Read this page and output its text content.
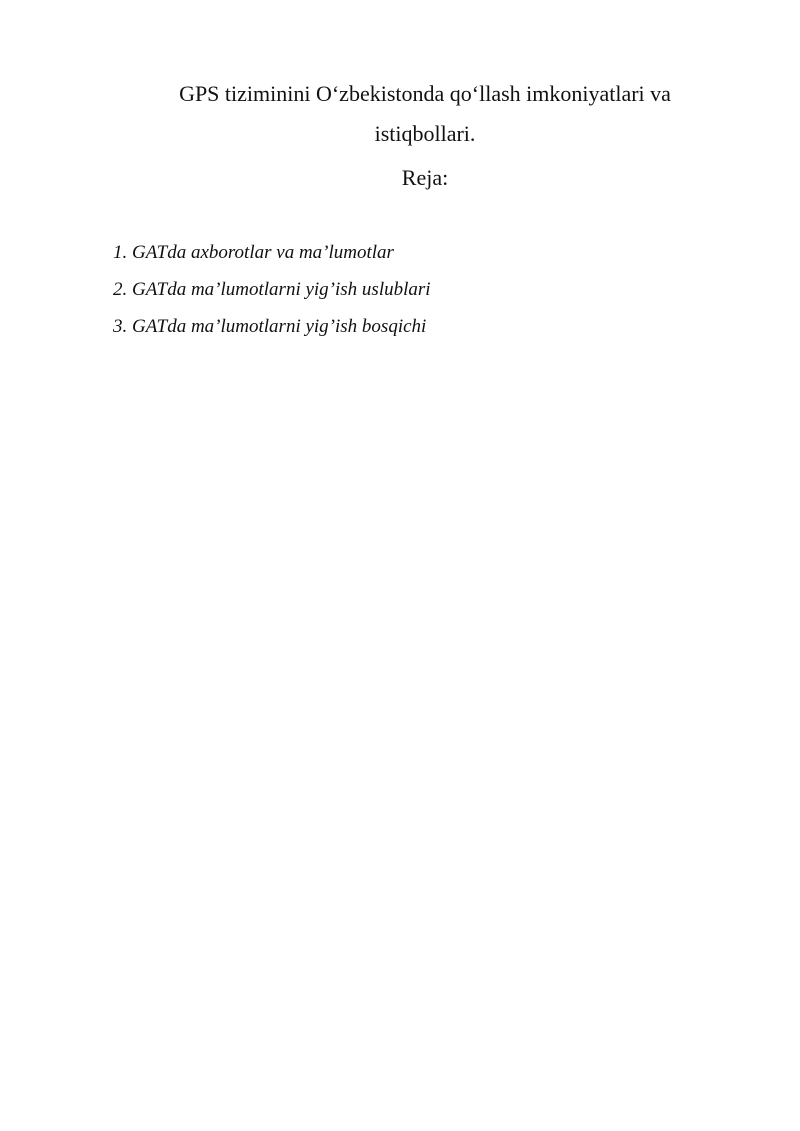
GPS tiziminini O‘zbekistonda qo‘llash imkoniyatlari va
istiqbollari.
Reja:
1. GATda axborotlar va ma’lumotlar
2. GATda ma’lumotlarni yig’ish uslublari
3. GATda ma’lumotlarni yig’ish bosqichi
